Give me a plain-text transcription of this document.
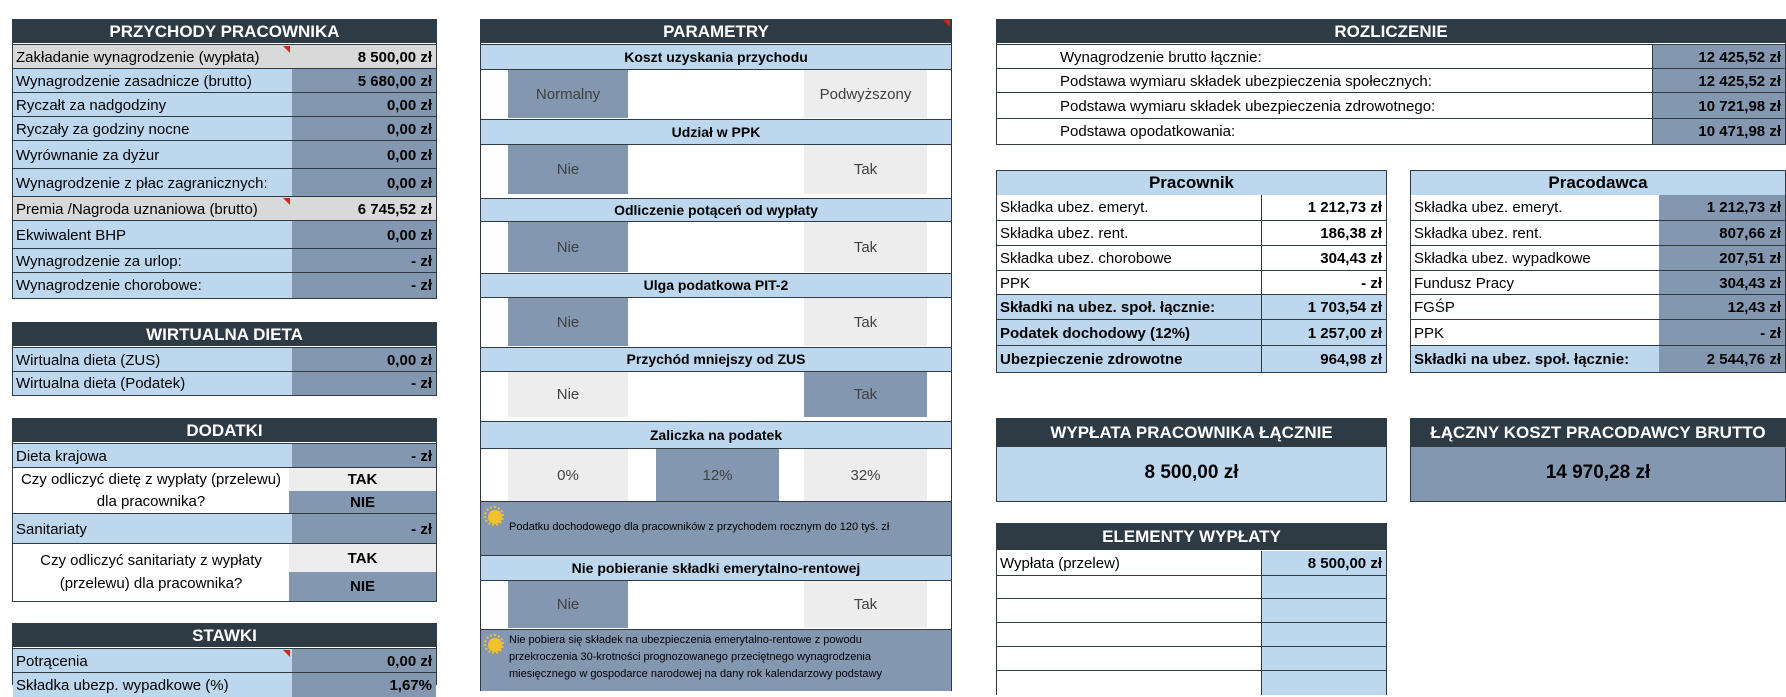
PRZYCHODY PRACOWNIKA
Zakładanie wynagrodzenie (wypłata)	8 500,00 zł
Wynagrodzenie zasadnicze (brutto)	5 680,00 zł
Ryczałt za nadgodziny	0,00 zł
Ryczały za godziny nocne	0,00 zł
Wyrównanie za dyżur	0,00 zł
Wynagrodzenie z płac zagranicznych:	0,00 zł
Premia /Nagroda uznaniowa (brutto)	6 745,52 zł
Ekwiwalent BHP	0,00 zł
Wynagrodzenie za urlop:	- zł
Wynagrodzenie chorobowe:	- zł
WIRTUALNA DIETA
Wirtualna dieta (ZUS)	0,00 zł
Wirtualna dieta (Podatek)	- zł
DODATKI
Dieta krajowa	- zł
Czy odliczyć dietę z wypłaty (przelewu)
dla pracownika?
TAK
NIE
Sanitariaty	- zł
Czy odliczyć sanitariaty z wypłaty
(przelewu) dla pracownika?
TAK
NIE
STAWKI
Potrącenia	0,00 zł
Składka ubezp. wypadkowe (%)	1,67%
PARAMETRY
Koszt uzyskania przychodu
Normalny	Podwyższony
Udział w PPK
Nie	Tak
Odliczenie potąceń od wypłaty
Nie	Tak
Ulga podatkowa PIT-2
Nie	Tak
Przychód mniejszy od ZUS
Nie	Tak
Zaliczka na podatek
0%	12%	32%
Podatku dochodowego dla pracowników z przychodem rocznym do 120 tyś. zł
Nie pobieranie składki emerytalno-rentowej
Nie	Tak
Nie pobiera się składek na ubezpieczenia emerytalno-rentowe z powodu
przekroczenia 30-krotności prognozowanego przeciętnego wynagrodzenia
miesięcznego w gospodarce narodowej na dany rok kalendarzowy podstawy
ROZLICZENIE
Wynagrodzenie brutto łącznie:	12 425,52 zł
Podstawa wymiaru składek ubezpieczenia społecznych:	12 425,52 zł
Podstawa wymiaru składek ubezpieczenia zdrowotnego:	10 721,98 zł
Podstawa opodatkowania:	10 471,98 zł
Pracownik
Składka ubez. emeryt.	1 212,73 zł
Składka ubez. rent.	186,38 zł
Składka ubez. chorobowe	304,43 zł
PPK	- zł
Składki na ubez. społ. łącznie:	1 703,54 zł
Podatek dochodowy (12%)	1 257,00 zł
Ubezpieczenie zdrowotne	964,98 zł
Pracodawca
Składka ubez. emeryt.	1 212,73 zł
Składka ubez. rent.	807,66 zł
Składka ubez. wypadkowe	207,51 zł
Fundusz Pracy	304,43 zł
FGŚP	12,43 zł
PPK	- zł
Składki na ubez. społ. łącznie:	2 544,76 zł
WYPŁATA PRACOWNIKA ŁĄCZNIE
8 500,00 zł
ŁĄCZNY KOSZT PRACODAWCY BRUTTO
14 970,28 zł
ELEMENTY WYPŁATY
Wypłata (przelew)	8 500,00 zł
